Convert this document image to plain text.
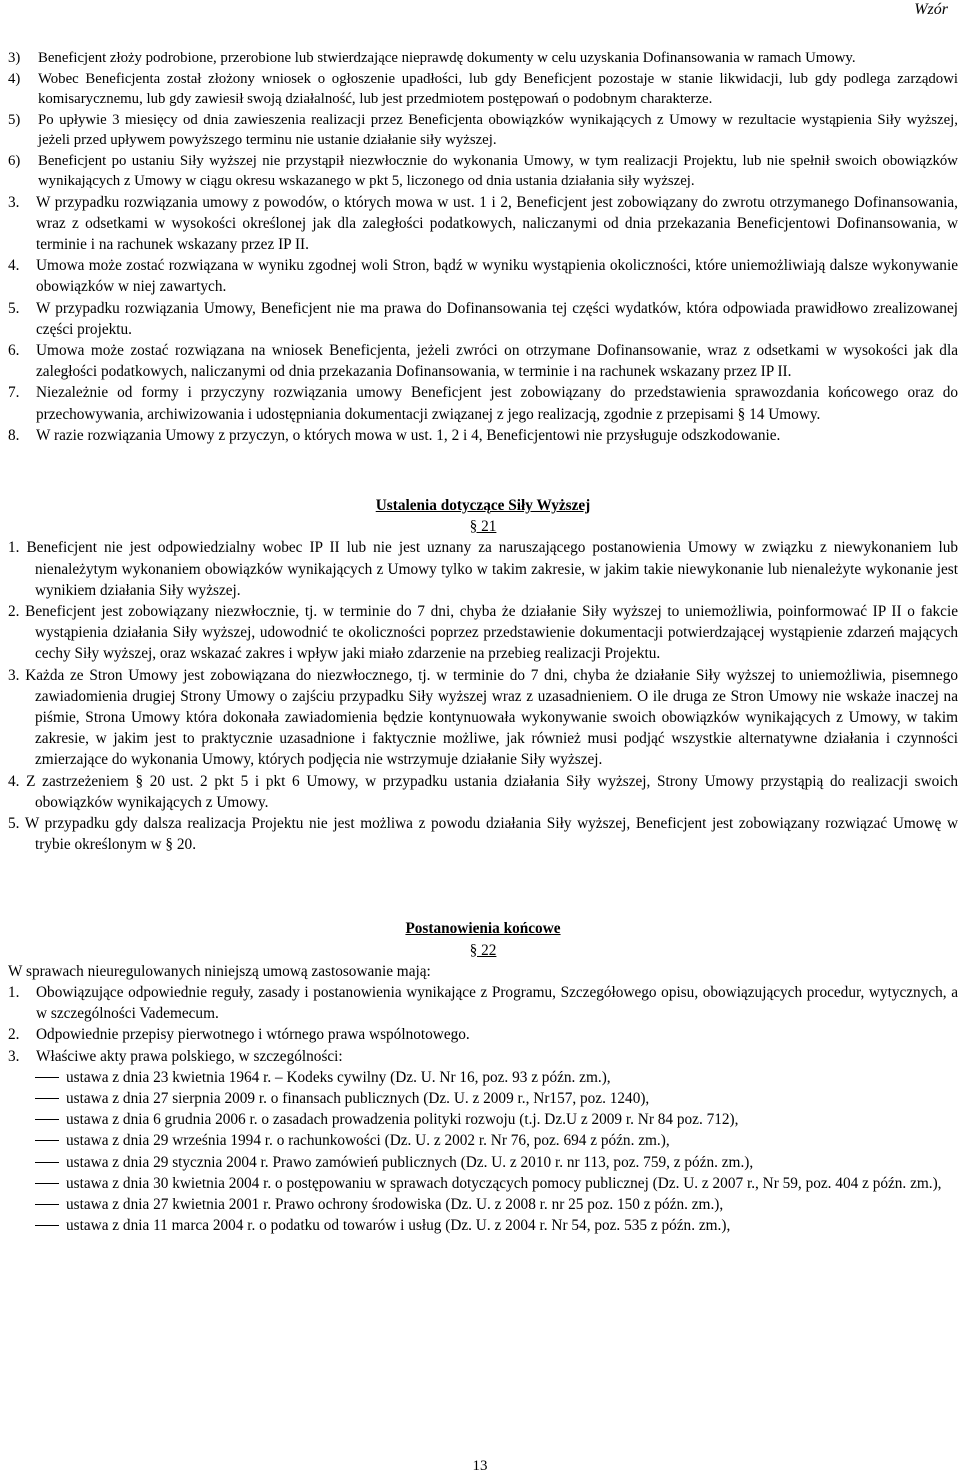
Wzór
3)	Beneficjent złoży podrobione, przerobione lub stwierdzające nieprawdę dokumenty w celu uzyskania Dofinansowania w ramach Umowy.
4)	Wobec Beneficjenta został złożony wniosek o ogłoszenie upadłości, lub gdy Beneficjent pozostaje w stanie likwidacji, lub gdy podlega zarządowi komisarycznemu, lub gdy zawiesił swoją działalność, lub jest przedmiotem postępowań o podobnym charakterze.
5)	Po upływie 3 miesięcy od dnia zawieszenia realizacji przez Beneficjenta obowiązków wynikających z Umowy w rezultacie wystąpienia Siły wyższej, jeżeli przed upływem powyższego terminu nie ustanie działanie siły wyższej.
6)	Beneficjent po ustaniu Siły wyższej nie przystąpił niezwłocznie do wykonania Umowy, w tym realizacji Projektu, lub nie spełnił swoich obowiązków wynikających z Umowy w ciągu okresu wskazanego w pkt 5, liczonego od dnia ustania działania siły wyższej.
3.	W przypadku rozwiązania umowy z powodów, o których mowa w ust. 1 i 2, Beneficjent jest zobowiązany do zwrotu otrzymanego Dofinansowania, wraz z odsetkami w wysokości określonej jak dla zaległości podatkowych, naliczanymi od dnia przekazania Beneficjentowi Dofinansowania, w terminie i na rachunek wskazany przez IP II.
4.	Umowa może zostać rozwiązana w wyniku zgodnej woli Stron, bądź w wyniku wystąpienia okoliczności, które uniemożliwiają dalsze wykonywanie obowiązków w niej zawartych.
5.	W przypadku rozwiązania Umowy, Beneficjent nie ma prawa do Dofinansowania tej części wydatków, która odpowiada prawidłowo zrealizowanej części projektu.
6.	Umowa może zostać rozwiązana na wniosek Beneficjenta, jeżeli zwróci on otrzymane Dofinansowanie, wraz z odsetkami w wysokości jak dla zaległości podatkowych, naliczanymi od dnia przekazania Dofinansowania, w terminie i na rachunek wskazany przez IP II.
7.	Niezależnie od formy i przyczyny rozwiązania umowy Beneficjent jest zobowiązany do przedstawienia sprawozdania końcowego oraz do przechowywania, archiwizowania i udostępniania dokumentacji związanej z jego realizacją, zgodnie z przepisami § 14 Umowy.
8.	W razie rozwiązania Umowy z przyczyn, o których mowa w ust. 1, 2 i 4, Beneficjentowi nie przysługuje odszkodowanie.
Ustalenia dotyczące Siły Wyższej
§ 21
1. Beneficjent nie jest odpowiedzialny wobec IP II lub nie jest uznany za naruszającego postanowienia Umowy w związku z niewykonaniem lub nienależytym wykonaniem obowiązków wynikających z Umowy tylko w takim zakresie, w jakim takie niewykonanie lub nienależyte wykonanie jest wynikiem działania Siły wyższej.
2. Beneficjent jest zobowiązany niezwłocznie, tj. w terminie do 7 dni, chyba że działanie Siły wyższej to uniemożliwia, poinformować IP II o fakcie wystąpienia działania Siły wyższej, udowodnić te okoliczności poprzez przedstawienie dokumentacji potwierdzającej wystąpienie zdarzeń mających cechy Siły wyższej, oraz wskazać zakres i wpływ jaki miało zdarzenie na przebieg realizacji Projektu.
3. Każda ze Stron Umowy jest zobowiązana do niezwłocznego, tj. w terminie do 7 dni, chyba że działanie Siły wyższej to uniemożliwia, pisemnego zawiadomienia drugiej Strony Umowy o zajściu przypadku Siły wyższej wraz z uzasadnieniem. O ile druga ze Stron Umowy nie wskaże inaczej na piśmie, Strona Umowy która dokonała zawiadomienia będzie kontynuowała wykonywanie swoich obowiązków wynikających z Umowy, w takim zakresie, w jakim jest to praktycznie uzasadnione i faktycznie możliwe, jak również musi podjąć wszystkie alternatywne działania i czynności zmierzające do wykonania Umowy, których podjęcia nie wstrzymuje działanie Siły wyższej.
4. Z zastrzeżeniem § 20 ust. 2 pkt 5 i pkt 6 Umowy, w przypadku ustania działania Siły wyższej, Strony Umowy przystąpią do realizacji swoich obowiązków wynikających z Umowy.
5. W przypadku gdy dalsza realizacja Projektu nie jest możliwa z powodu działania Siły wyższej, Beneficjent jest zobowiązany rozwiązać Umowę w trybie określonym w § 20.
Postanowienia końcowe
§ 22
W sprawach nieuregulowanych niniejszą umową zastosowanie mają:
1.	Obowiązujące odpowiednie reguły, zasady i postanowienia wynikające z Programu, Szczegółowego opisu, obowiązujących procedur, wytycznych, a w szczególności Vademecum.
2.	Odpowiednie przepisy pierwotnego i wtórnego prawa wspólnotowego.
3.	Właściwe akty prawa polskiego, w szczególności:
ustawa z dnia 23 kwietnia 1964 r. – Kodeks cywilny (Dz. U. Nr 16, poz. 93 z późn. zm.),
ustawa z dnia 27 sierpnia 2009 r. o finansach publicznych (Dz. U. z 2009 r., Nr157, poz. 1240),
ustawa z dnia 6 grudnia 2006 r. o zasadach prowadzenia polityki rozwoju (t.j. Dz.U z 2009 r. Nr 84 poz. 712),
ustawa z dnia 29 września 1994 r. o rachunkowości (Dz. U. z 2002 r. Nr 76, poz. 694 z późn. zm.),
ustawa z dnia 29 stycznia 2004 r. Prawo zamówień publicznych (Dz. U. z 2010 r. nr 113, poz. 759, z późn. zm.),
ustawa z dnia 30 kwietnia 2004 r. o postępowaniu w sprawach dotyczących pomocy publicznej (Dz. U. z 2007 r., Nr 59, poz. 404 z późn. zm.),
ustawa z dnia 27 kwietnia 2001 r. Prawo ochrony środowiska (Dz. U. z 2008 r. nr 25 poz. 150 z późn. zm.),
ustawa z dnia 11 marca 2004 r. o podatku od towarów i usług (Dz. U. z 2004 r. Nr 54, poz. 535 z późn. zm.),
13
